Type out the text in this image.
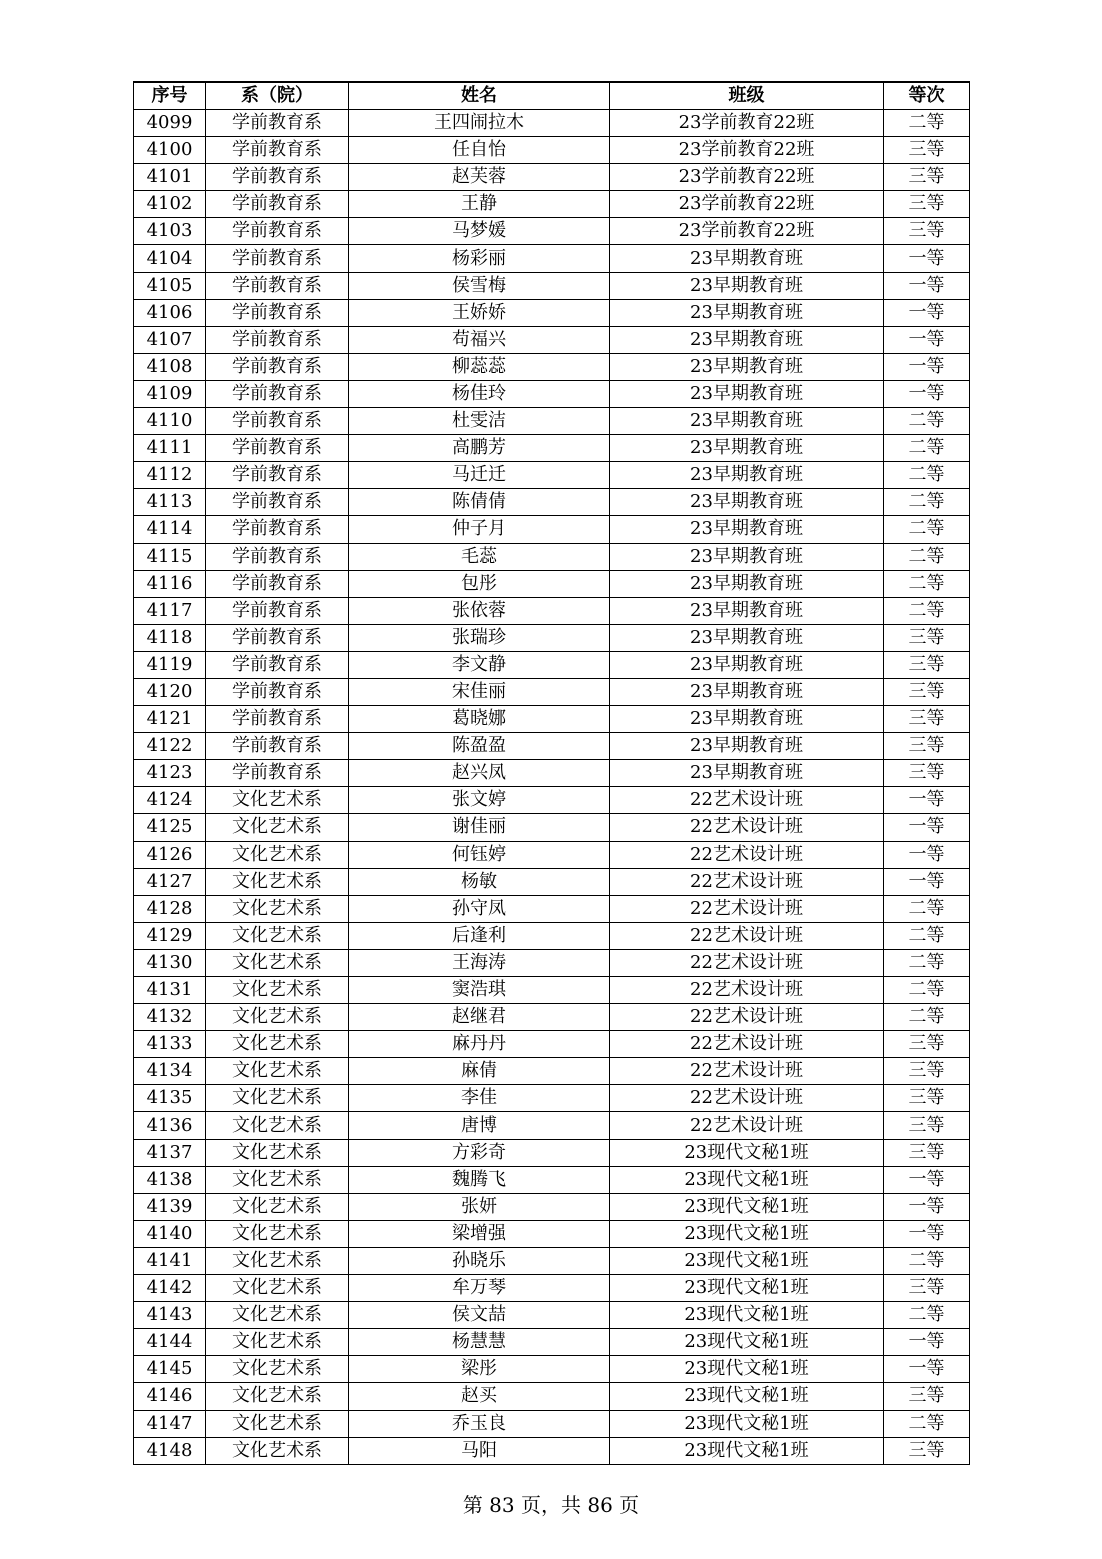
序号	系（院）	姓名	班级	等次
4099	学前教育系	王四闹拉木	23学前教育22班	二等
4100	学前教育系	任自怡	23学前教育22班	三等
4101	学前教育系	赵芙蓉	23学前教育22班	三等
4102	学前教育系	王静	23学前教育22班	三等
4103	学前教育系	马梦媛	23学前教育22班	三等
4104	学前教育系	杨彩丽	23早期教育班	一等
4105	学前教育系	侯雪梅	23早期教育班	一等
4106	学前教育系	王娇娇	23早期教育班	一等
4107	学前教育系	苟福兴	23早期教育班	一等
4108	学前教育系	柳蕊蕊	23早期教育班	一等
4109	学前教育系	杨佳玲	23早期教育班	一等
4110	学前教育系	杜雯洁	23早期教育班	二等
4111	学前教育系	高鹏芳	23早期教育班	二等
4112	学前教育系	马迁迁	23早期教育班	二等
4113	学前教育系	陈倩倩	23早期教育班	二等
4114	学前教育系	仲子月	23早期教育班	二等
4115	学前教育系	毛蕊	23早期教育班	二等
4116	学前教育系	包彤	23早期教育班	二等
4117	学前教育系	张依蓉	23早期教育班	二等
4118	学前教育系	张瑞珍	23早期教育班	三等
4119	学前教育系	李文静	23早期教育班	三等
4120	学前教育系	宋佳丽	23早期教育班	三等
4121	学前教育系	葛晓娜	23早期教育班	三等
4122	学前教育系	陈盈盈	23早期教育班	三等
4123	学前教育系	赵兴凤	23早期教育班	三等
4124	文化艺术系	张文婷	22艺术设计班	一等
4125	文化艺术系	谢佳丽	22艺术设计班	一等
4126	文化艺术系	何钰婷	22艺术设计班	一等
4127	文化艺术系	杨敏	22艺术设计班	一等
4128	文化艺术系	孙守凤	22艺术设计班	二等
4129	文化艺术系	后逢利	22艺术设计班	二等
4130	文化艺术系	王海涛	22艺术设计班	二等
4131	文化艺术系	窦浩琪	22艺术设计班	二等
4132	文化艺术系	赵继君	22艺术设计班	二等
4133	文化艺术系	麻丹丹	22艺术设计班	三等
4134	文化艺术系	麻倩	22艺术设计班	三等
4135	文化艺术系	李佳	22艺术设计班	三等
4136	文化艺术系	唐博	22艺术设计班	三等
4137	文化艺术系	方彩奇	23现代文秘1班	三等
4138	文化艺术系	魏腾飞	23现代文秘1班	一等
4139	文化艺术系	张妍	23现代文秘1班	一等
4140	文化艺术系	梁增强	23现代文秘1班	一等
4141	文化艺术系	孙晓乐	23现代文秘1班	二等
4142	文化艺术系	牟万琴	23现代文秘1班	三等
4143	文化艺术系	侯文喆	23现代文秘1班	二等
4144	文化艺术系	杨慧慧	23现代文秘1班	一等
4145	文化艺术系	梁彤	23现代文秘1班	一等
4146	文化艺术系	赵买	23现代文秘1班	三等
4147	文化艺术系	乔玉良	23现代文秘1班	二等
4148	文化艺术系	马阳	23现代文秘1班	三等
第 83 页，共 86 页
